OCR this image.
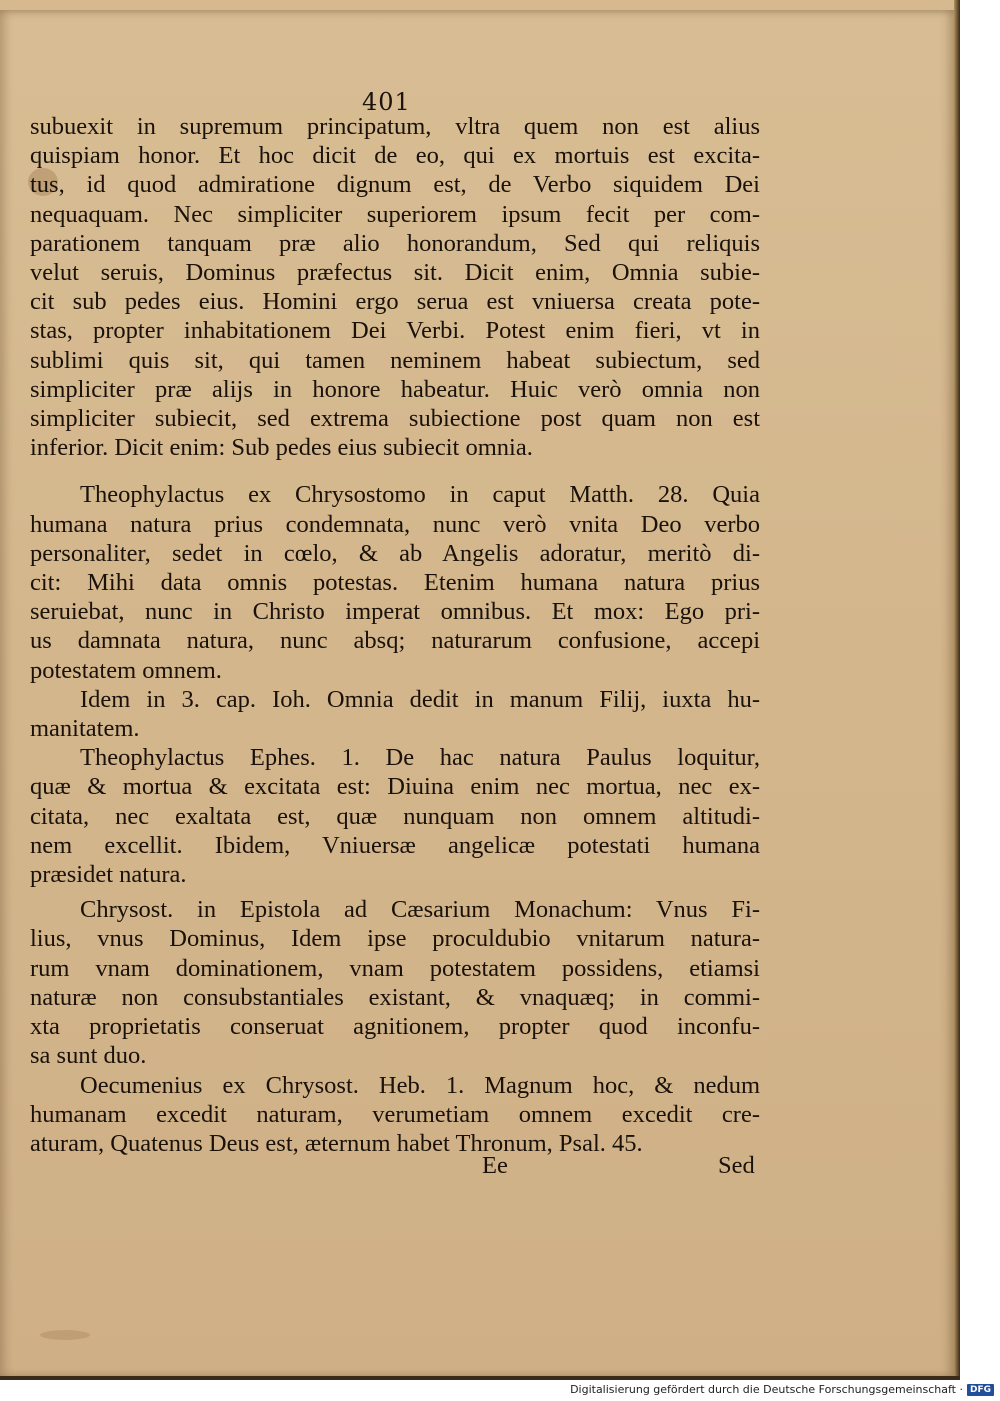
401
subuexit in supremum principatum, vltra quem non est alius
quispiam honor. Et hoc dicit de eo, qui ex mortuis est excita-
tus, id quod admiratione dignum est, de Verbo siquidem Dei
nequaquam. Nec simpliciter superiorem ipsum fecit per com-
parationem tanquam præ alio honorandum, Sed qui reliquis
velut seruis, Dominus præfectus sit. Dicit enim, Omnia subie-
cit sub pedes eius. Homini ergo serua est vniuersa creata pote-
stas, propter inhabitationem Dei Verbi. Potest enim fieri, vt in
sublimi quis sit, qui tamen neminem habeat subiectum, sed
simpliciter præ alijs in honore habeatur. Huic verò omnia non
simpliciter subiecit, sed extrema subiectione post quam non est
inferior. Dicit enim: Sub pedes eius subiecit omnia.
Theophylactus ex Chrysostomo in caput Matth. 28. Quia
humana natura prius condemnata, nunc verò vnita Deo verbo
personaliter, sedet in cœlo, & ab Angelis adoratur, meritò di-
cit: Mihi data omnis potestas. Etenim humana natura prius
seruiebat, nunc in Christo imperat omnibus. Et mox: Ego pri-
us damnata natura, nunc absq; naturarum confusione, accepi
potestatem omnem.
Idem in 3. cap. Ioh. Omnia dedit in manum Filij, iuxta hu-
manitatem.
Theophylactus Ephes. 1. De hac natura Paulus loquitur,
quæ & mortua & excitata est: Diuina enim nec mortua, nec ex-
citata, nec exaltata est, quæ nunquam non omnem altitudi-
nem excellit. Ibidem, Vniuersæ angelicæ potestati humana
præsidet natura.
Chrysost. in Epistola ad Cæsarium Monachum: Vnus Fi-
lius, vnus Dominus, Idem ipse proculdubio vnitarum natura-
rum vnam dominationem, vnam potestatem possidens, etiamsi
naturæ non consubstantiales existant, & vnaquæq; in commi-
xta proprietatis conseruat agnitionem, propter quod inconfu-
sa sunt duo.
Oecumenius ex Chrysost. Heb. 1. Magnum hoc, & nedum
humanam excedit naturam, verumetiam omnem excedit cre-
aturam, Quatenus Deus est, æternum habet Thronum, Psal. 45.
Ee	Sed
Digitalisierung gefördert durch die Deutsche Forschungsgemeinschaft · DFG
